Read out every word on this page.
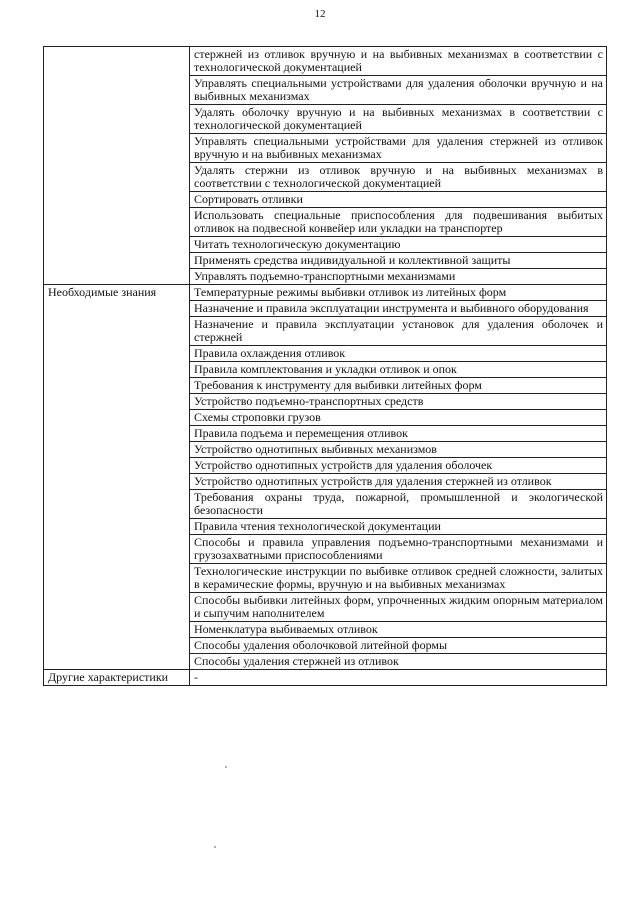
12
	стержней из отливок вручную и на выбивных механизмах в соответствии с технологической документацией
	Управлять специальными устройствами для удаления оболочки вручную и на выбивных механизмах
	Удалять оболочку вручную и на выбивных механизмах в соответствии с технологической документацией
	Управлять специальными устройствами для удаления стержней из отливок вручную и на выбивных механизмах
	Удалять стержни из отливок вручную и на выбивных механизмах в соответствии с технологической документацией
	Сортировать отливки
	Использовать специальные приспособления для подвешивания выбитых отливок на подвесной конвейер или укладки на транспортер
	Читать технологическую документацию
	Применять средства индивидуальной и коллективной защиты
	Управлять подъемно-транспортными механизмами
Необходимые знания	Температурные режимы выбивки отливок из литейных форм
	Назначение и правила эксплуатации инструмента и выбивного оборудования
	Назначение и правила эксплуатации установок для удаления оболочек и стержней
	Правила охлаждения отливок
	Правила комплектования и укладки отливок и опок
	Требования к инструменту для выбивки литейных форм
	Устройство подъемно-транспортных средств
	Схемы строповки грузов
	Правила подъема и перемещения отливок
	Устройство однотипных выбивных механизмов
	Устройство однотипных устройств для удаления оболочек
	Устройство однотипных устройств для удаления стержней из отливок
	Требования охраны труда, пожарной, промышленной и экологической безопасности
	Правила чтения технологической документации
	Способы и правила управления подъемно-транспортными механизмами и грузозахватными приспособлениями
	Технологические инструкции по выбивке отливок средней сложности, залитых в керамические формы, вручную и на выбивных механизмах
	Способы выбивки литейных форм, упрочненных жидким опорным материалом и сыпучим наполнителем
	Номенклатура выбиваемых отливок
	Способы удаления оболочковой литейной формы
	Способы удаления стержней из отливок
Другие характеристики	-
